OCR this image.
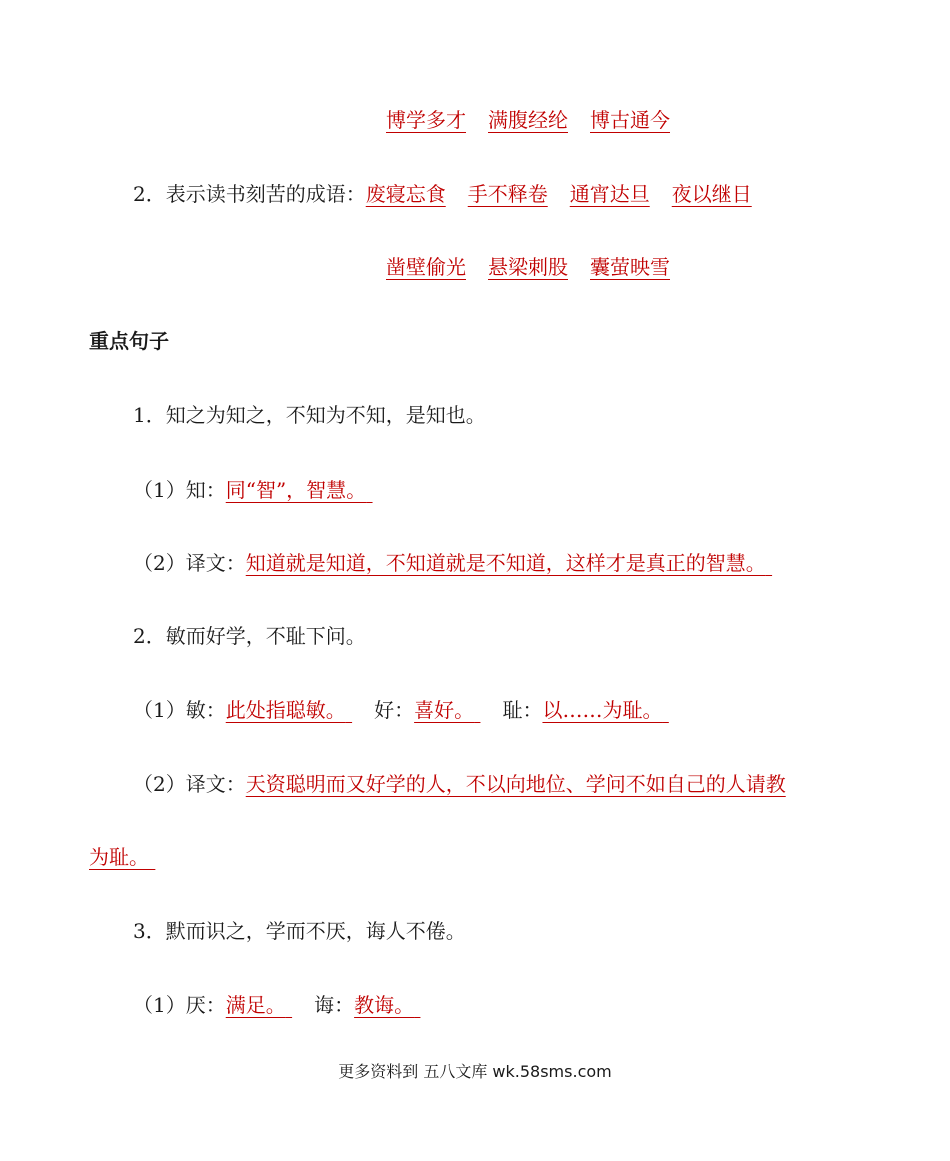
博学多才 满腹经纶 博古通今
2．表示读书刻苦的成语：废寝忘食 手不释卷 通宵达旦 夜以继日
凿壁偷光 悬梁刺股 囊萤映雪
重点句子
1．知之为知之，不知为不知，是知也。
（1）知：同“智”，智慧。
（2）译文：知道就是知道，不知道就是不知道，这样才是真正的智慧。
2．敏而好学，不耻下问。
（1）敏：此处指聪敏。 好：喜好。 耻：以……为耻。
（2）译文：天资聪明而又好学的人，不以向地位、学问不如自己的人请教
为耻。
3．默而识之，学而不厌，诲人不倦。
（1）厌：满足。 诲：教诲。
更多资料到 五八文库 wk.58sms.com
